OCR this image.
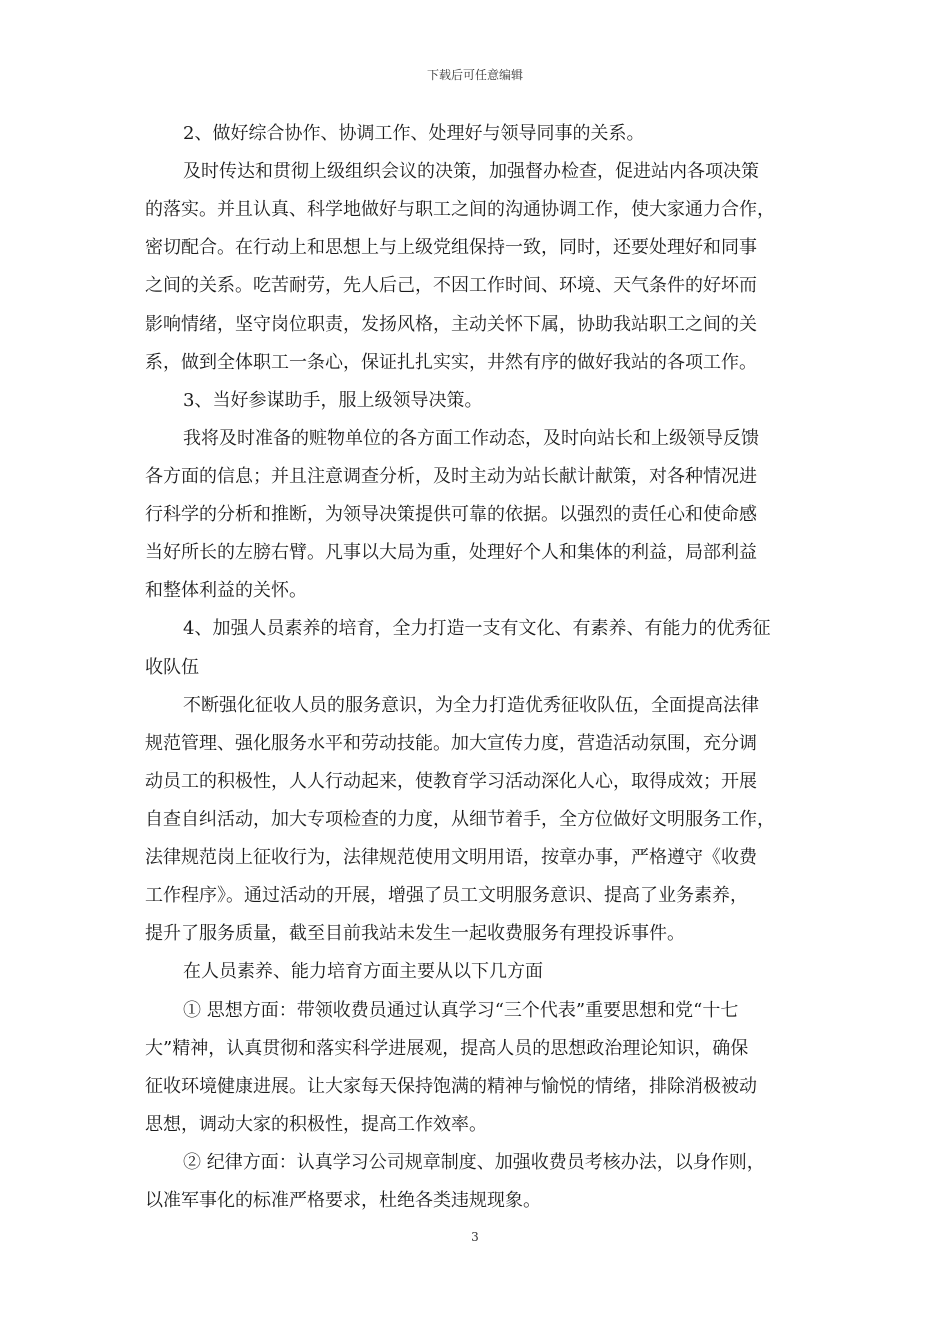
下载后可任意编辑
2、做好综合协作、协调工作、处理好与领导同事的关系。
及时传达和贯彻上级组织会议的决策，加强督办检查，促进站内各项决策
的落实。并且认真、科学地做好与职工之间的沟通协调工作，使大家通力合作，
密切配合。在行动上和思想上与上级党组保持一致，同时，还要处理好和同事
之间的关系。吃苦耐劳，先人后己，不因工作时间、环境、天气条件的好坏而
影响情绪，坚守岗位职责，发扬风格，主动关怀下属，协助我站职工之间的关
系，做到全体职工一条心，保证扎扎实实，井然有序的做好我站的各项工作。
3、当好参谋助手，服上级领导决策。
我将及时准备的赃物单位的各方面工作动态，及时向站长和上级领导反馈
各方面的信息；并且注意调查分析，及时主动为站长献计献策，对各种情况进
行科学的分析和推断，为领导决策提供可靠的依据。以强烈的责任心和使命感
当好所长的左膀右臂。凡事以大局为重，处理好个人和集体的利益，局部利益
和整体利益的关怀。
4、加强人员素养的培育，全力打造一支有文化、有素养、有能力的优秀征
收队伍
不断强化征收人员的服务意识，为全力打造优秀征收队伍，全面提高法律
规范管理、强化服务水平和劳动技能。加大宣传力度，营造活动氛围，充分调
动员工的积极性，人人行动起来，使教育学习活动深化人心，取得成效；开展
自查自纠活动，加大专项检查的力度，从细节着手，全方位做好文明服务工作，
法律规范岗上征收行为，法律规范使用文明用语，按章办事，严格遵守《收费
工作程序》。通过活动的开展，增强了员工文明服务意识、提高了业务素养，
提升了服务质量，截至目前我站未发生一起收费服务有理投诉事件。
在人员素养、能力培育方面主要从以下几方面
① 思想方面：带领收费员通过认真学习“三个代表”重要思想和党“十七
大”精神，认真贯彻和落实科学进展观，提高人员的思想政治理论知识，确保
征收环境健康进展。让大家每天保持饱满的精神与愉悦的情绪，排除消极被动
思想，调动大家的积极性，提高工作效率。
② 纪律方面：认真学习公司规章制度、加强收费员考核办法，以身作则，
以准军事化的标准严格要求，杜绝各类违规现象。
3
